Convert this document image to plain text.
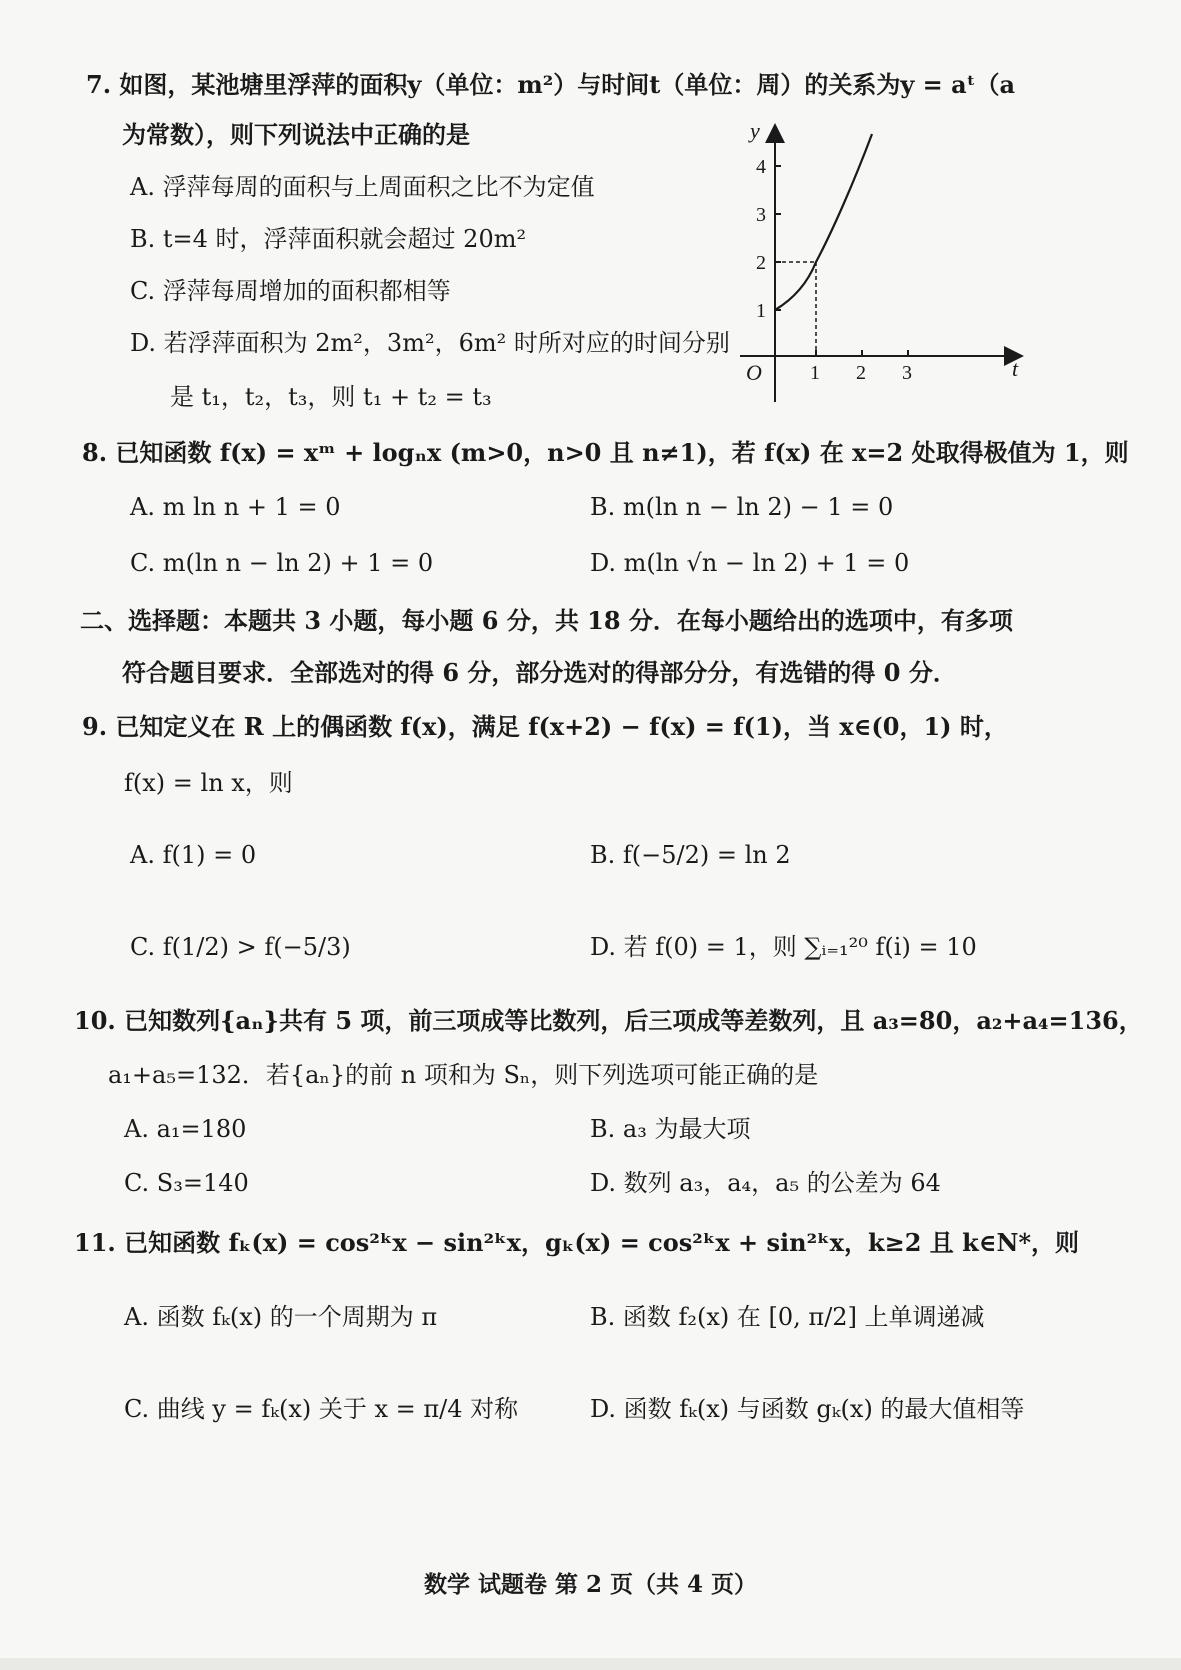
7. 如图，某池塘里浮萍的面积y（单位：m²）与时间t（单位：周）的关系为y = aᵗ（a
为常数），则下列说法中正确的是
A. 浮萍每周的面积与上周面积之比不为定值
B. t=4 时，浮萍面积就会超过 20m²
C. 浮萍每周增加的面积都相等
D. 若浮萍面积为 2m²，3m²，6m² 时所对应的时间分别
是 t₁，t₂，t₃，则 t₁ + t₂ = t₃
y
t
O
1
2
3
4
1 2 3
8. 已知函数 f(x) = xᵐ + logₙx (m>0，n>0 且 n≠1)，若 f(x) 在 x=2 处取得极值为 1，则
A. m ln n + 1 = 0	B. m(ln n − ln 2) − 1 = 0
C. m(ln n − ln 2) + 1 = 0	D. m(ln √n − ln 2) + 1 = 0
二、选择题：本题共 3 小题，每小题 6 分，共 18 分．在每小题给出的选项中，有多项
符合题目要求．全部选对的得 6 分，部分选对的得部分分，有选错的得 0 分．
9. 已知定义在 R 上的偶函数 f(x)，满足 f(x+2) − f(x) = f(1)，当 x∈(0，1) 时，
f(x) = ln x，则
A. f(1) = 0	B. f(−5/2) = ln 2
C. f(1/2) > f(−5/3)	D. 若 f(0) = 1，则 ∑ᵢ₌₁²⁰ f(i) = 10
10. 已知数列{aₙ}共有 5 项，前三项成等比数列，后三项成等差数列，且 a₃=80，a₂+a₄=136，
a₁+a₅=132．若{aₙ}的前 n 项和为 Sₙ，则下列选项可能正确的是
A. a₁=180	B. a₃ 为最大项
C. S₃=140	D. 数列 a₃，a₄，a₅ 的公差为 64
11. 已知函数 fₖ(x) = cos²ᵏx − sin²ᵏx，gₖ(x) = cos²ᵏx + sin²ᵏx，k≥2 且 k∈N*，则
A. 函数 fₖ(x) 的一个周期为 π	B. 函数 f₂(x) 在 [0, π/2] 上单调递减
C. 曲线 y = fₖ(x) 关于 x = π/4 对称	D. 函数 fₖ(x) 与函数 gₖ(x) 的最大值相等
数学 试题卷 第 2 页（共 4 页）
